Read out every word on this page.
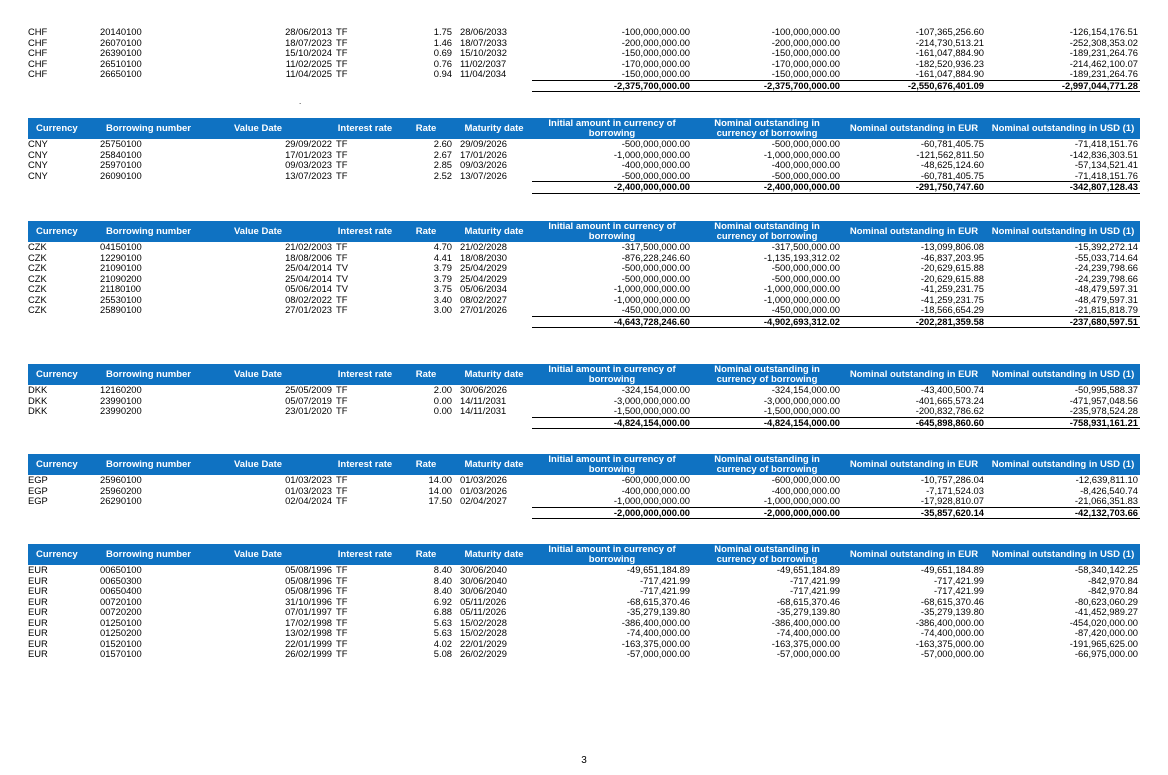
.
CHF	20140100	28/06/2013	TF	1.75	28/06/2033	-100,000,000.00	-100,000,000.00	-107,365,256.60	-126,154,176.51
CHF	26070100	18/07/2023	TF	1.46	18/07/2033	-200,000,000.00	-200,000,000.00	-214,730,513.21	-252,308,353.02
CHF	26390100	15/10/2024	TF	0.69	15/10/2032	-150,000,000.00	-150,000,000.00	-161,047,884.90	-189,231,264.76
CHF	26510100	11/02/2025	TF	0.76	11/02/2037	-170,000,000.00	-170,000,000.00	-182,520,936.23	-214,462,100.07
CHF	26650100	11/04/2025	TF	0.94	11/04/2034	-150,000,000.00	-150,000,000.00	-161,047,884.90	-189,231,264.76
						-2,375,700,000.00	-2,375,700,000.00	-2,550,676,401.09	-2,997,044,771.28
Currency	Borrowing number	Value Date	Interest rate	Rate	Maturity date	Initial amount in currency of borrowing	Nominal outstanding in currency of borrowing	Nominal outstanding in EUR	Nominal outstanding in USD (1)
CNY	25750100	29/09/2022	TF	2.60	29/09/2026	-500,000,000.00	-500,000,000.00	-60,781,405.75	-71,418,151.76
CNY	25840100	17/01/2023	TF	2.67	17/01/2026	-1,000,000,000.00	-1,000,000,000.00	-121,562,811.50	-142,836,303.51
CNY	25970100	09/03/2023	TF	2.85	09/03/2026	-400,000,000.00	-400,000,000.00	-48,625,124.60	-57,134,521.41
CNY	26090100	13/07/2023	TF	2.52	13/07/2026	-500,000,000.00	-500,000,000.00	-60,781,405.75	-71,418,151.76
						-2,400,000,000.00	-2,400,000,000.00	-291,750,747.60	-342,807,128.43
Currency	Borrowing number	Value Date	Interest rate	Rate	Maturity date	Initial amount in currency of borrowing	Nominal outstanding in currency of borrowing	Nominal outstanding in EUR	Nominal outstanding in USD (1)
CZK	04150100	21/02/2003	TF	4.70	21/02/2028	-317,500,000.00	-317,500,000.00	-13,099,806.08	-15,392,272.14
CZK	12290100	18/08/2006	TF	4.41	18/08/2030	-876,228,246.60	-1,135,193,312.02	-46,837,203.95	-55,033,714.64
CZK	21090100	25/04/2014	TV	3.79	25/04/2029	-500,000,000.00	-500,000,000.00	-20,629,615.88	-24,239,798.66
CZK	21090200	25/04/2014	TV	3.79	25/04/2029	-500,000,000.00	-500,000,000.00	-20,629,615.88	-24,239,798.66
CZK	21180100	05/06/2014	TV	3.75	05/06/2034	-1,000,000,000.00	-1,000,000,000.00	-41,259,231.75	-48,479,597.31
CZK	25530100	08/02/2022	TF	3.40	08/02/2027	-1,000,000,000.00	-1,000,000,000.00	-41,259,231.75	-48,479,597.31
CZK	25890100	27/01/2023	TF	3.00	27/01/2026	-450,000,000.00	-450,000,000.00	-18,566,654.29	-21,815,818.79
						-4,643,728,246.60	-4,902,693,312.02	-202,281,359.58	-237,680,597.51
Currency	Borrowing number	Value Date	Interest rate	Rate	Maturity date	Initial amount in currency of borrowing	Nominal outstanding in currency of borrowing	Nominal outstanding in EUR	Nominal outstanding in USD (1)
DKK	12160200	25/05/2009	TF	2.00	30/06/2026	-324,154,000.00	-324,154,000.00	-43,400,500.74	-50,995,588.37
DKK	23990100	05/07/2019	TF	0.00	14/11/2031	-3,000,000,000.00	-3,000,000,000.00	-401,665,573.24	-471,957,048.56
DKK	23990200	23/01/2020	TF	0.00	14/11/2031	-1,500,000,000.00	-1,500,000,000.00	-200,832,786.62	-235,978,524.28
						-4,824,154,000.00	-4,824,154,000.00	-645,898,860.60	-758,931,161.21
Currency	Borrowing number	Value Date	Interest rate	Rate	Maturity date	Initial amount in currency of borrowing	Nominal outstanding in currency of borrowing	Nominal outstanding in EUR	Nominal outstanding in USD (1)
EGP	25960100	01/03/2023	TF	14.00	01/03/2026	-600,000,000.00	-600,000,000.00	-10,757,286.04	-12,639,811.10
EGP	25960200	01/03/2023	TF	14.00	01/03/2026	-400,000,000.00	-400,000,000.00	-7,171,524.03	-8,426,540.74
EGP	26290100	02/04/2024	TF	17.50	02/04/2027	-1,000,000,000.00	-1,000,000,000.00	-17,928,810.07	-21,066,351.83
						-2,000,000,000.00	-2,000,000,000.00	-35,857,620.14	-42,132,703.66
Currency	Borrowing number	Value Date	Interest rate	Rate	Maturity date	Initial amount in currency of borrowing	Nominal outstanding in currency of borrowing	Nominal outstanding in EUR	Nominal outstanding in USD (1)
EUR	00650100	05/08/1996	TF	8.40	30/06/2040	-49,651,184.89	-49,651,184.89	-49,651,184.89	-58,340,142.25
EUR	00650300	05/08/1996	TF	8.40	30/06/2040	-717,421.99	-717,421.99	-717,421.99	-842,970.84
EUR	00650400	05/08/1996	TF	8.40	30/06/2040	-717,421.99	-717,421.99	-717,421.99	-842,970.84
EUR	00720100	31/10/1996	TF	6.92	05/11/2026	-68,615,370.46	-68,615,370.46	-68,615,370.46	-80,623,060.29
EUR	00720200	07/01/1997	TF	6.88	05/11/2026	-35,279,139.80	-35,279,139.80	-35,279,139.80	-41,452,989.27
EUR	01250100	17/02/1998	TF	5.63	15/02/2028	-386,400,000.00	-386,400,000.00	-386,400,000.00	-454,020,000.00
EUR	01250200	13/02/1998	TF	5.63	15/02/2028	-74,400,000.00	-74,400,000.00	-74,400,000.00	-87,420,000.00
EUR	01520100	22/01/1999	TF	4.02	22/01/2029	-163,375,000.00	-163,375,000.00	-163,375,000.00	-191,965,625.00
EUR	01570100	26/02/1999	TF	5.08	26/02/2029	-57,000,000.00	-57,000,000.00	-57,000,000.00	-66,975,000.00
3
